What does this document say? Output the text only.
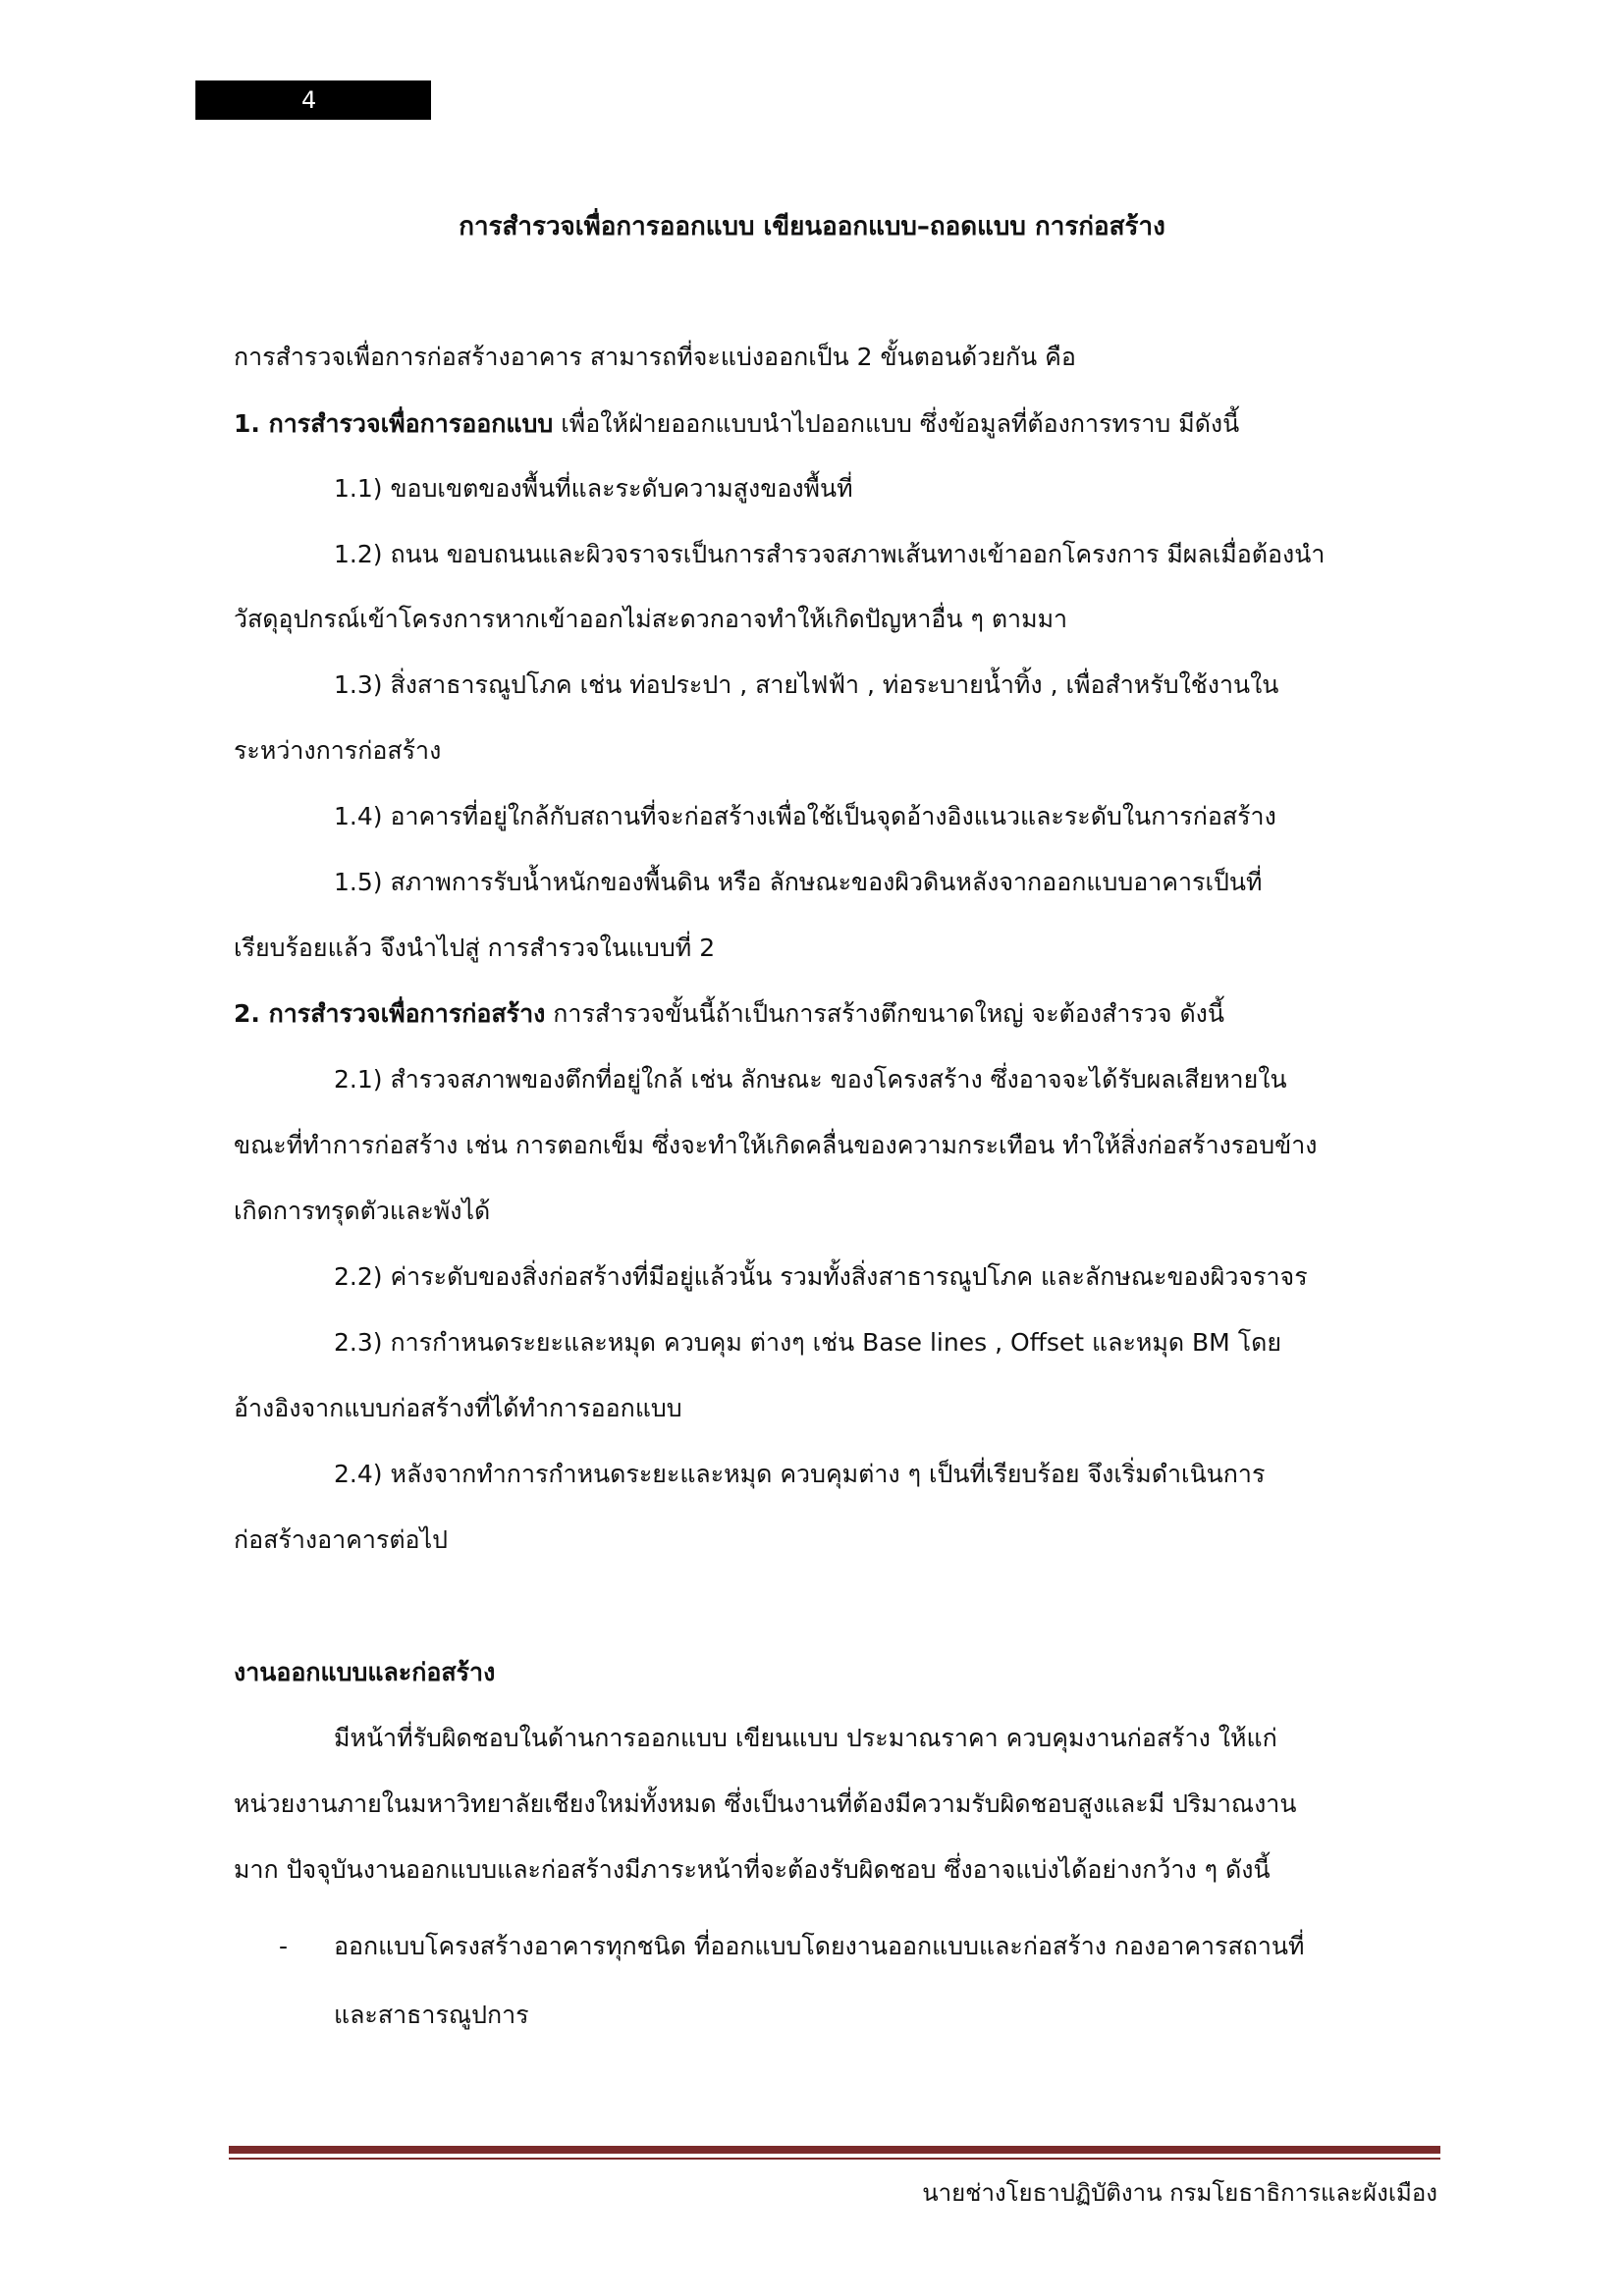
4
การสำรวจเพื่อการออกแบบ เขียนออกแบบ–ถอดแบบ การก่อสร้าง
การสำรวจเพื่อการก่อสร้างอาคาร สามารถที่จะแบ่งออกเป็น 2 ขั้นตอนด้วยกัน คือ
1. การสำรวจเพื่อการออกแบบ เพื่อให้ฝ่ายออกแบบนำไปออกแบบ ซึ่งข้อมูลที่ต้องการทราบ มีดังนี้
1.1) ขอบเขตของพื้นที่และระดับความสูงของพื้นที่
1.2) ถนน ขอบถนนและผิวจราจรเป็นการสำรวจสภาพเส้นทางเข้าออกโครงการ มีผลเมื่อต้องนำ
วัสดุอุปกรณ์เข้าโครงการหากเข้าออกไม่สะดวกอาจทำให้เกิดปัญหาอื่น ๆ ตามมา
1.3) สิ่งสาธารณูปโภค เช่น ท่อประปา , สายไฟฟ้า , ท่อระบายน้ำทิ้ง , เพื่อสำหรับใช้งานใน
ระหว่างการก่อสร้าง
1.4) อาคารที่อยู่ใกล้กับสถานที่จะก่อสร้างเพื่อใช้เป็นจุดอ้างอิงแนวและระดับในการก่อสร้าง
1.5) สภาพการรับน้ำหนักของพื้นดิน หรือ ลักษณะของผิวดินหลังจากออกแบบอาคารเป็นที่
เรียบร้อยแล้ว จึงนำไปสู่ การสำรวจในแบบที่ 2
2. การสำรวจเพื่อการก่อสร้าง การสำรวจขั้นนี้ถ้าเป็นการสร้างตึกขนาดใหญ่ จะต้องสำรวจ ดังนี้
2.1) สำรวจสภาพของตึกที่อยู่ใกล้ เช่น ลักษณะ ของโครงสร้าง ซึ่งอาจจะได้รับผลเสียหายใน
ขณะที่ทำการก่อสร้าง เช่น การตอกเข็ม ซึ่งจะทำให้เกิดคลื่นของความกระเทือน ทำให้สิ่งก่อสร้างรอบข้าง
เกิดการทรุดตัวและพังได้
2.2) ค่าระดับของสิ่งก่อสร้างที่มีอยู่แล้วนั้น รวมทั้งสิ่งสาธารณูปโภค และลักษณะของผิวจราจร
2.3) การกำหนดระยะและหมุด ควบคุม ต่างๆ เช่น Base lines , Offset และหมุด BM โดย
อ้างอิงจากแบบก่อสร้างที่ได้ทำการออกแบบ
2.4) หลังจากทำการกำหนดระยะและหมุด ควบคุมต่าง ๆ เป็นที่เรียบร้อย จึงเริ่มดำเนินการ
ก่อสร้างอาคารต่อไป
งานออกแบบและก่อสร้าง
มีหน้าที่รับผิดชอบในด้านการออกแบบ เขียนแบบ ประมาณราคา ควบคุมงานก่อสร้าง ให้แก่
หน่วยงานภายในมหาวิทยาลัยเชียงใหม่ทั้งหมด ซึ่งเป็นงานที่ต้องมีความรับผิดชอบสูงและมี ปริมาณงาน
มาก ปัจจุบันงานออกแบบและก่อสร้างมีภาระหน้าที่จะต้องรับผิดชอบ ซึ่งอาจแบ่งได้อย่างกว้าง ๆ ดังนี้
- ออกแบบโครงสร้างอาคารทุกชนิด ที่ออกแบบโดยงานออกแบบและก่อสร้าง กองอาคารสถานที่
และสาธารณูปการ
นายช่างโยธาปฏิบัติงาน กรมโยธาธิการและผังเมือง
